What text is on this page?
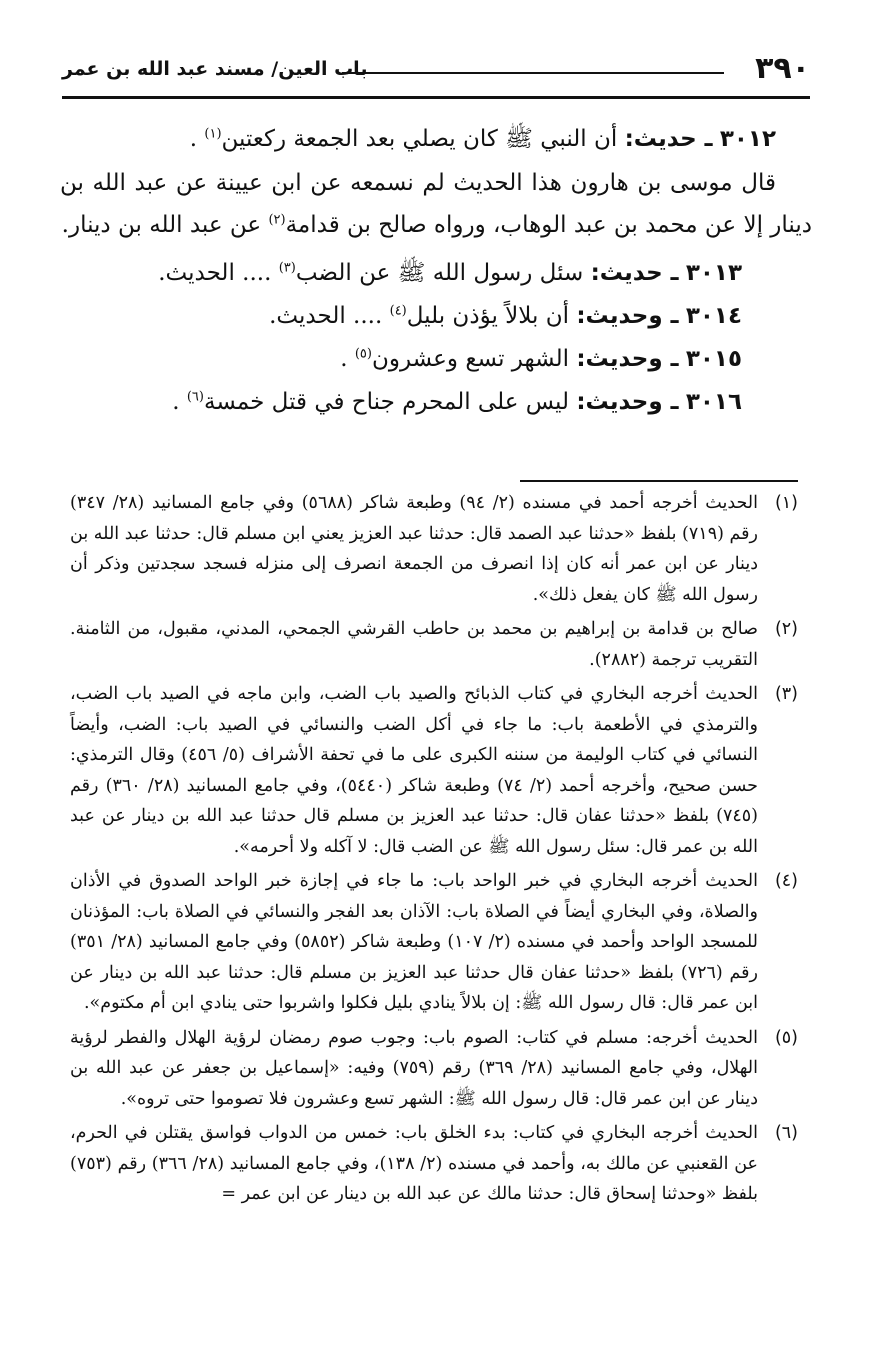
٣٩٠
باب العين/ مسند عبد الله بن عمر
٣٠١٢ ـ حديث: أن النبي ﷺ كان يصلي بعد الجمعة ركعتين$^{(١)}$ .

قال موسى بن هارون هذا الحديث لم نسمعه عن ابن عيينة عن عبد الله بن دينار إلا عن محمد بن عبد الوهاب، ورواه صالح بن قدامة$^{(٢)}$ عن عبد الله بن دينار.

٣٠١٣ ـ حديث: سئل رسول الله ﷺ عن الضب$^{(٣)}$ .... الحديث.
٣٠١٤ ـ وحديث: أن بلالاً يؤذن بليل$^{(٤)}$ .... الحديث.
٣٠١٥ ـ وحديث: الشهر تسع وعشرون$^{(٥)}$ .
٣٠١٦ ـ وحديث: ليس على المحرم جناح في قتل خمسة$^{(٦)}$ .
(١)
الحديث أخرجه أحمد في مسنده (٢/ ٩٤) وطبعة شاكر (٥٦٨٨) وفي جامع المسانيد (٢٨/ ٣٤٧) رقم (٧١٩) بلفظ «حدثنا عبد الصمد قال: حدثنا عبد العزيز يعني ابن مسلم قال: حدثنا عبد الله بن دينار عن ابن عمر أنه كان إذا انصرف من الجمعة انصرف إلى منزله فسجد سجدتين وذكر أن رسول الله ﷺ كان يفعل ذلك».
(٢)
صالح بن قدامة بن إبراهيم بن محمد بن حاطب القرشي الجمحي، المدني، مقبول، من الثامنة. التقريب ترجمة (٢٨٨٢).
(٣)
الحديث أخرجه البخاري في كتاب الذبائح والصيد باب الضب، وابن ماجه في الصيد باب الضب، والترمذي في الأطعمة باب: ما جاء في أكل الضب والنسائي في الصيد باب: الضب، وأيضاً النسائي في كتاب الوليمة من سننه الكبرى على ما في تحفة الأشراف (٥/ ٤٥٦) وقال الترمذي: حسن صحيح، وأخرجه أحمد (٢/ ٧٤) وطبعة شاكر (٥٤٤٠)، وفي جامع المسانيد (٢٨/ ٣٦٠) رقم (٧٤٥) بلفظ «حدثنا عفان قال: حدثنا عبد العزيز بن مسلم قال حدثنا عبد الله بن دينار عن عبد الله بن عمر قال: سئل رسول الله ﷺ عن الضب قال: لا آكله ولا أحرمه».
(٤)
الحديث أخرجه البخاري في خبر الواحد باب: ما جاء في إجازة خبر الواحد الصدوق في الأذان والصلاة، وفي البخاري أيضاً في الصلاة باب: الآذان بعد الفجر والنسائي في الصلاة باب: المؤذنان للمسجد الواحد وأحمد في مسنده (٢/ ١٠٧) وطبعة شاكر (٥٨٥٢) وفي جامع المسانيد (٢٨/ ٣٥١) رقم (٧٢٦) بلفظ «حدثنا عفان قال حدثنا عبد العزيز بن مسلم قال: حدثنا عبد الله بن دينار عن ابن عمر قال: قال رسول الله ﷺ: إن بلالاً ينادي بليل فكلوا واشربوا حتى ينادي ابن أم مكتوم».
(٥)
الحديث أخرجه: مسلم في كتاب: الصوم باب: وجوب صوم رمضان لرؤية الهلال والفطر لرؤية الهلال، وفي جامع المسانيد (٢٨/ ٣٦٩) رقم (٧٥٩) وفيه: «إسماعيل بن جعفر عن عبد الله بن دينار عن ابن عمر قال: قال رسول الله ﷺ: الشهر تسع وعشرون فلا تصوموا حتى تروه».
(٦)
الحديث أخرجه البخاري في كتاب: بدء الخلق باب: خمس من الدواب فواسق يقتلن في الحرم، عن القعنبي عن مالك به، وأحمد في مسنده (٢/ ١٣٨)، وفي جامع المسانيد (٢٨/ ٣٦٦) رقم (٧٥٣) بلفظ «وحدثنا إسحاق قال: حدثنا مالك عن عبد الله بن دينار عن ابن عمر =
